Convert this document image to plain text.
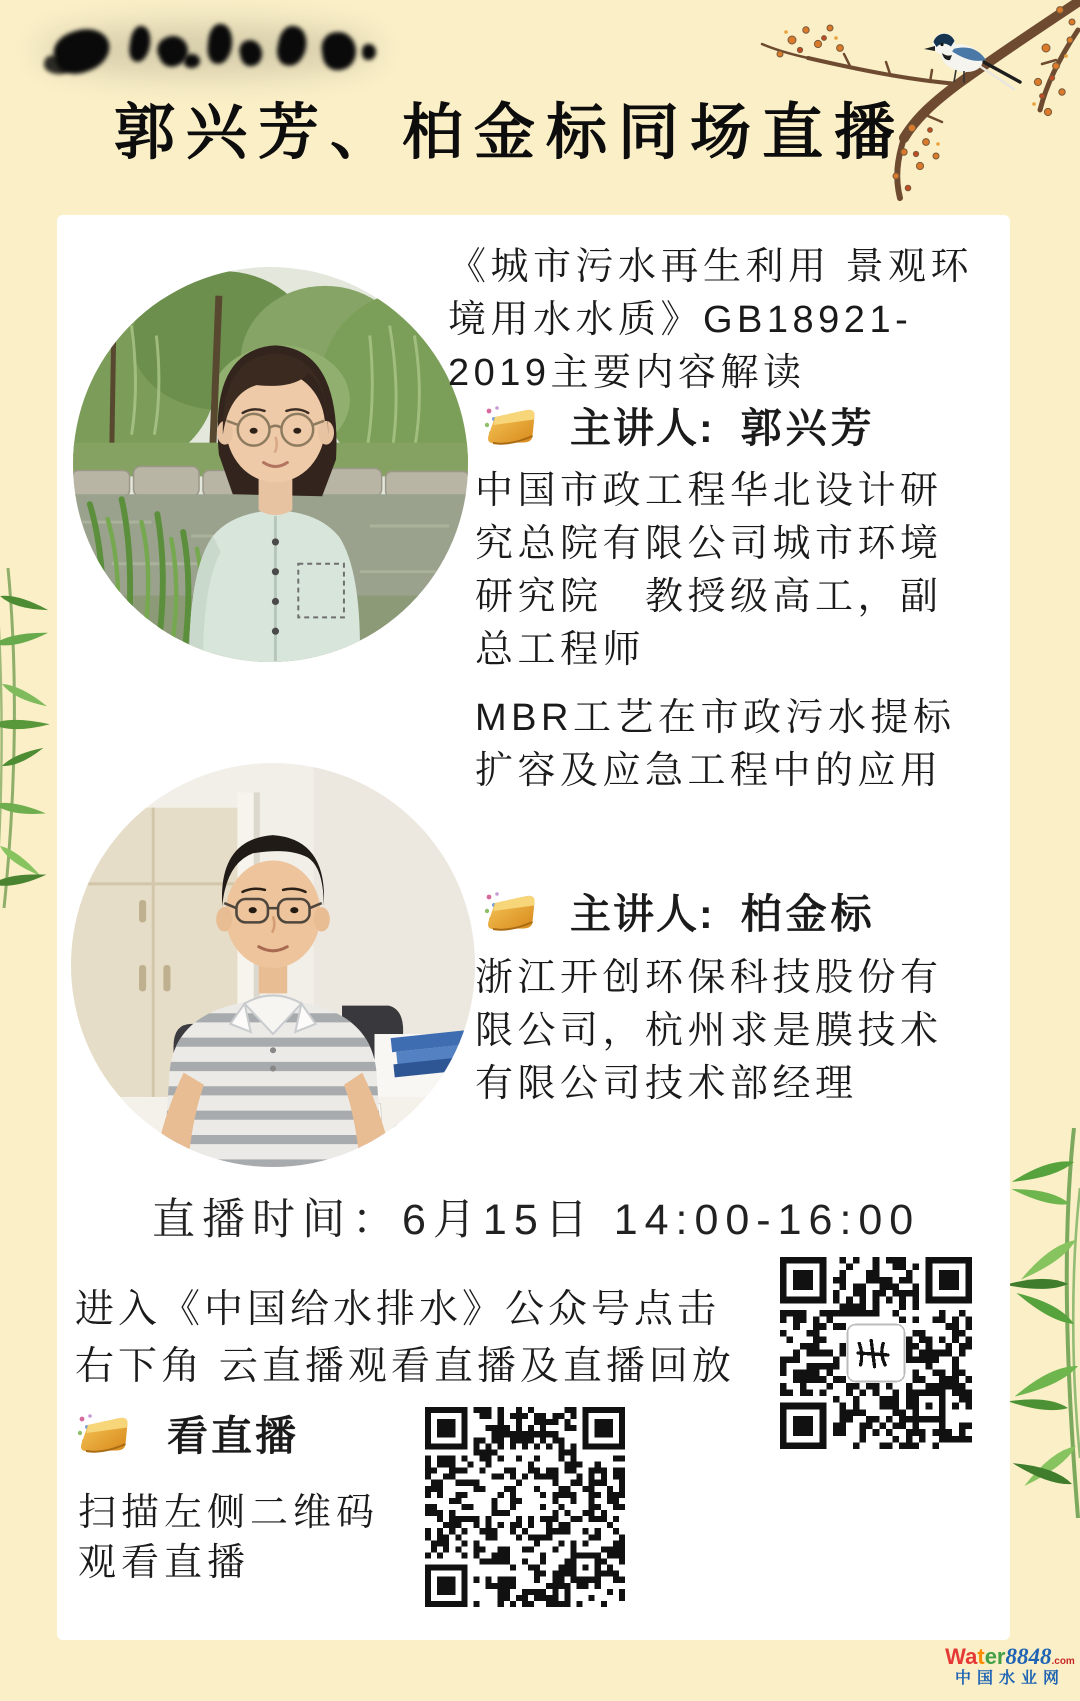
郭兴芳、柏金标同场直播
《城市污水再生利用 景观环
境用水水质》GB18921-
2019主要内容解读
主讲人: 郭兴芳
中国市政工程华北设计研
究总院有限公司城市环境
研究院　教授级高工，副
总工程师
MBR工艺在市政污水提标
扩容及应急工程中的应用
主讲人: 柏金标
浙江开创环保科技股份有
限公司，杭州求是膜技术
有限公司技术部经理
直播时间：6月15日 14:00-16:00
进入《中国给水排水》公众号点击
右下角 云直播观看直播及直播回放
看直播
扫描左侧二维码
观看直播
Water8848.com
中国水业网
